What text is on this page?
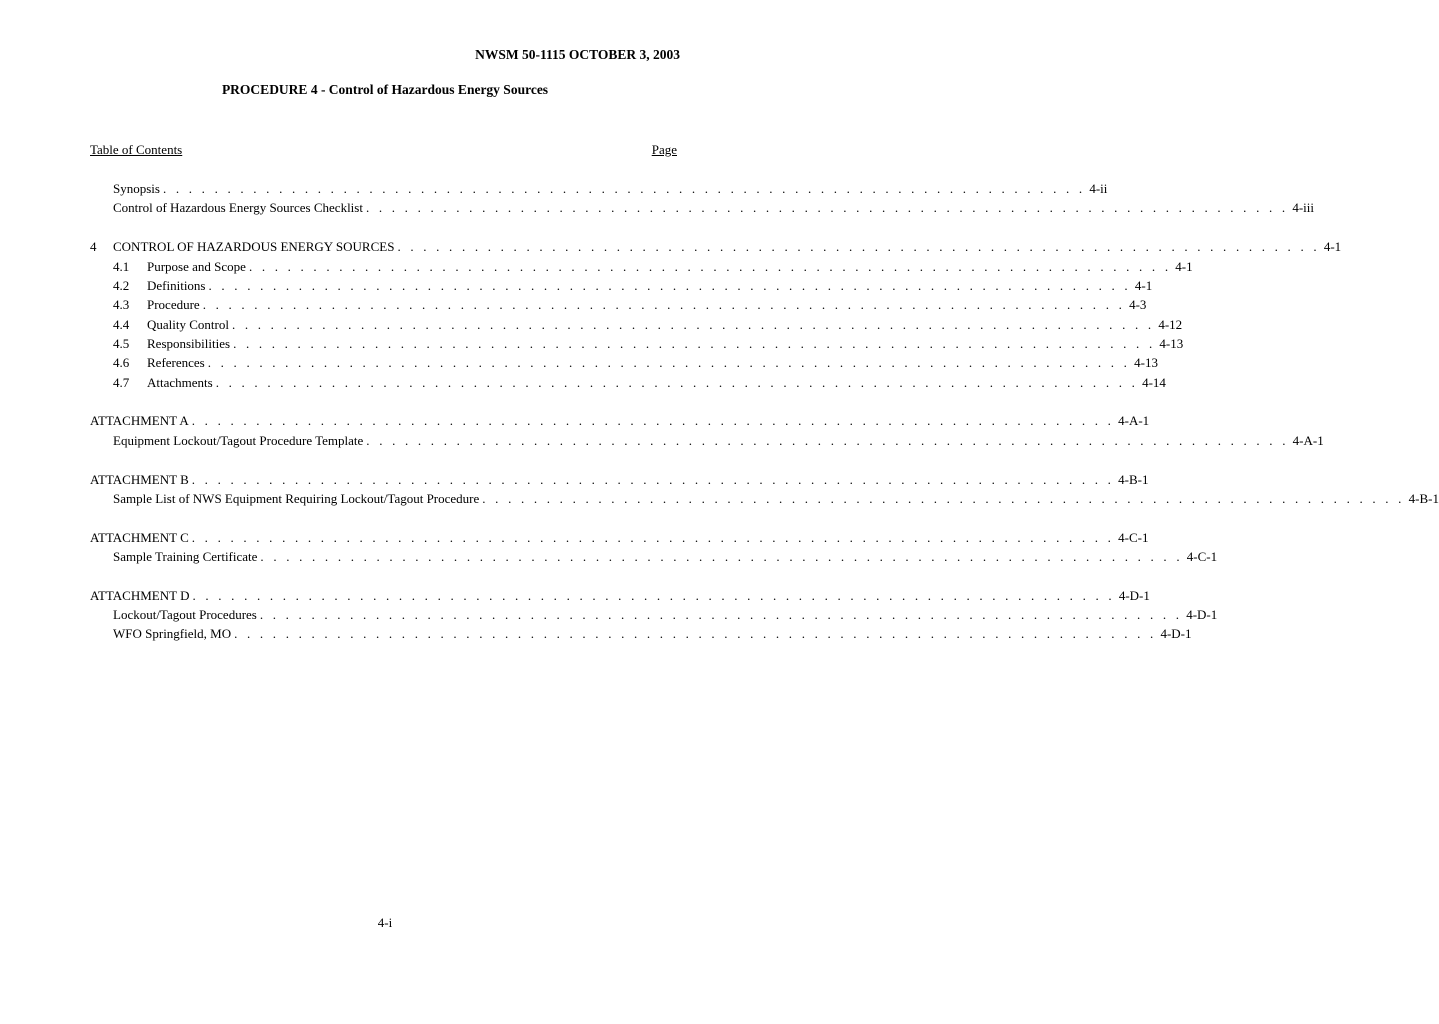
NWSM 50-1115 OCTOBER 3, 2003
PROCEDURE 4 - Control of Hazardous Energy Sources
Table of Contents	Page
Synopsis . . . . . . . . . . . . . . . . . . . . . . . . . . . . . . . . . . . . . . . . . . . . . . . . . . . . . . . . . . . . . . . . . . . . . . . . 4-ii
Control of Hazardous Energy Sources Checklist . . . . . . . . . . . . . . . . . . . . . . . . . . . . . . . . . . . . . . . . . . . . . . . . . . . . . . . . . . . . . . . . . . . . . . . . 4-iii
4	CONTROL OF HAZARDOUS ENERGY SOURCES . . . . . . . . . . . . . . . . . . . . . . . . . . . . . . . . . . . . . . . . . . . . . . . . . . . . . . . . . . . . . . . . . . . . . . . . 4-1
4.1	Purpose and Scope . . . . . . . . . . . . . . . . . . . . . . . . . . . . . . . . . . . . . . . . . . . . . . . . . . . . . . . . . . . . . . . . . . . . . . . . 4-1
4.2	Definitions . . . . . . . . . . . . . . . . . . . . . . . . . . . . . . . . . . . . . . . . . . . . . . . . . . . . . . . . . . . . . . . . . . . . . . . . 4-1
4.3	Procedure . . . . . . . . . . . . . . . . . . . . . . . . . . . . . . . . . . . . . . . . . . . . . . . . . . . . . . . . . . . . . . . . . . . . . . . . 4-3
4.4	Quality Control . . . . . . . . . . . . . . . . . . . . . . . . . . . . . . . . . . . . . . . . . . . . . . . . . . . . . . . . . . . . . . . . . . . . . . . . 4-12
4.5	Responsibilities . . . . . . . . . . . . . . . . . . . . . . . . . . . . . . . . . . . . . . . . . . . . . . . . . . . . . . . . . . . . . . . . . . . . . . . . 4-13
4.6	References . . . . . . . . . . . . . . . . . . . . . . . . . . . . . . . . . . . . . . . . . . . . . . . . . . . . . . . . . . . . . . . . . . . . . . . . 4-13
4.7	Attachments . . . . . . . . . . . . . . . . . . . . . . . . . . . . . . . . . . . . . . . . . . . . . . . . . . . . . . . . . . . . . . . . . . . . . . . . 4-14
ATTACHMENT A . . . . . . . . . . . . . . . . . . . . . . . . . . . . . . . . . . . . . . . . . . . . . . . . . . . . . . . . . . . . . . . . . . . . . . . . 4-A-1
Equipment Lockout/Tagout Procedure Template . . . . . . . . . . . . . . . . . . . . . . . . . . . . . . . . . . . . . . . . . . . . . . . . . . . . . . . . . . . . . . . . . . . . . . . . 4-A-1
ATTACHMENT B . . . . . . . . . . . . . . . . . . . . . . . . . . . . . . . . . . . . . . . . . . . . . . . . . . . . . . . . . . . . . . . . . . . . . . . . 4-B-1
Sample List of NWS Equipment Requiring Lockout/Tagout Procedure . . . . . . . . . . . . . . . . . . . . . . . . . . . . . . . . . . . . . . . . . . . . . . . . . . . . . . . . . . . . . . . . . . . . . . . . 4-B-1
ATTACHMENT C . . . . . . . . . . . . . . . . . . . . . . . . . . . . . . . . . . . . . . . . . . . . . . . . . . . . . . . . . . . . . . . . . . . . . . . . 4-C-1
Sample Training Certificate . . . . . . . . . . . . . . . . . . . . . . . . . . . . . . . . . . . . . . . . . . . . . . . . . . . . . . . . . . . . . . . . . . . . . . . . 4-C-1
ATTACHMENT D . . . . . . . . . . . . . . . . . . . . . . . . . . . . . . . . . . . . . . . . . . . . . . . . . . . . . . . . . . . . . . . . . . . . . . . . 4-D-1
Lockout/Tagout Procedures . . . . . . . . . . . . . . . . . . . . . . . . . . . . . . . . . . . . . . . . . . . . . . . . . . . . . . . . . . . . . . . . . . . . . . . . 4-D-1
WFO Springfield, MO . . . . . . . . . . . . . . . . . . . . . . . . . . . . . . . . . . . . . . . . . . . . . . . . . . . . . . . . . . . . . . . . . . . . . . . . 4-D-1
4-i
